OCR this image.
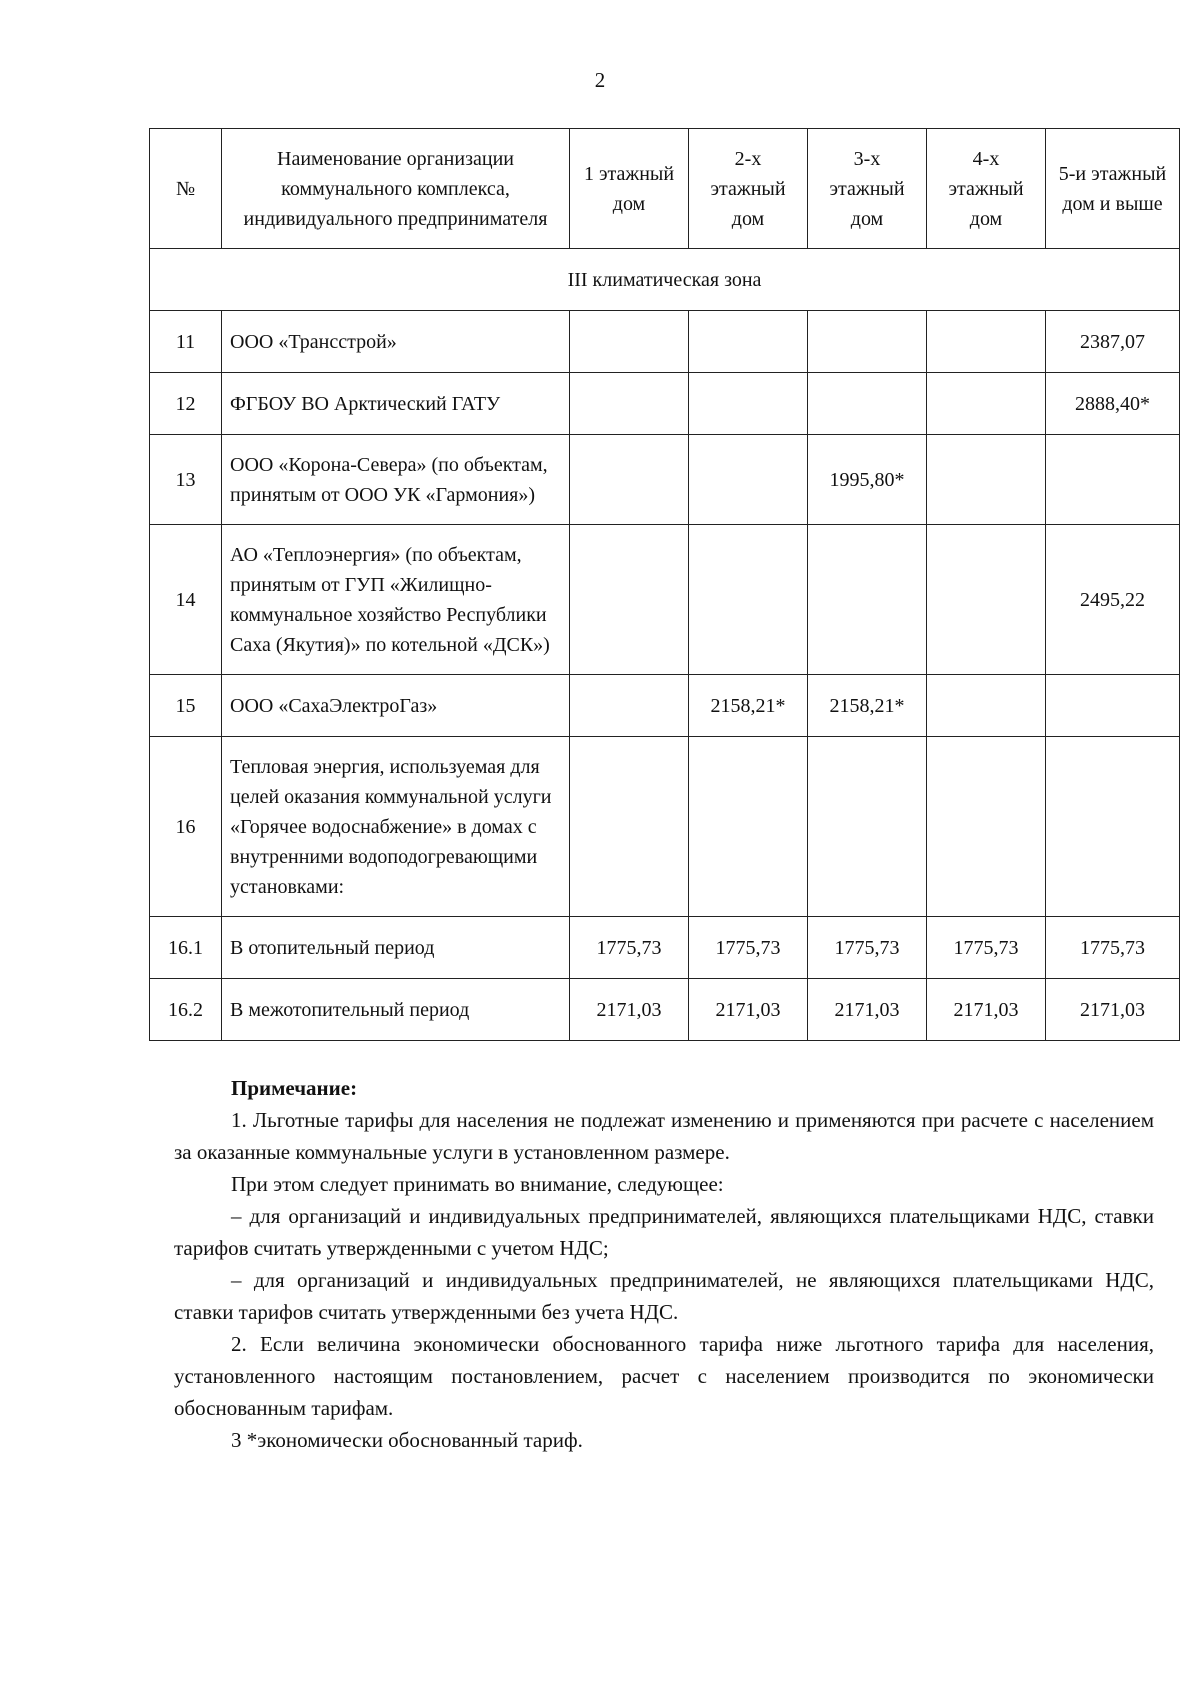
2
№	Наименование организации коммунального комплекса, индивидуального предпринимателя	1 этажный дом	2-х этажный дом	3-х этажный дом	4-х этажный дом	5-и этажный дом и выше
III климатическая зона						
11	ООО «Трансстрой»					2387,07
12	ФГБОУ ВО Арктический ГАТУ					2888,40*
13	ООО «Корона-Севера» (по объектам, принятым от ООО УК «Гармония»)			1995,80*		
14	АО «Теплоэнергия» (по объектам, принятым от ГУП «Жилищно-коммунальное хозяйство Республики Саха (Якутия)» по котельной «ДСК»)					2495,22
15	ООО «СахаЭлектроГаз»		2158,21*	2158,21*		
16	Тепловая энергия, используемая для целей оказания коммунальной услуги «Горячее водоснабжение» в домах с внутренними водоподогревающими установками:					
16.1	В отопительный период	1775,73	1775,73	1775,73	1775,73	1775,73
16.2	В межотопительный период	2171,03	2171,03	2171,03	2171,03	2171,03
Примечание:

1. Льготные тарифы для населения не подлежат изменению и применяются при расчете с населением за оказанные коммунальные услуги в установленном размере.

При этом следует принимать во внимание, следующее:

– для организаций и индивидуальных предпринимателей, являющихся плательщиками НДС, ставки тарифов считать утвержденными с учетом НДС;

– для организаций и индивидуальных предпринимателей, не являющихся плательщиками НДС, ставки тарифов считать утвержденными без учета НДС.

2. Если величина экономически обоснованного тарифа ниже льготного тарифа для населения, установленного настоящим постановлением, расчет с населением производится по экономически обоснованным тарифам.

3 *экономически обоснованный тариф.
